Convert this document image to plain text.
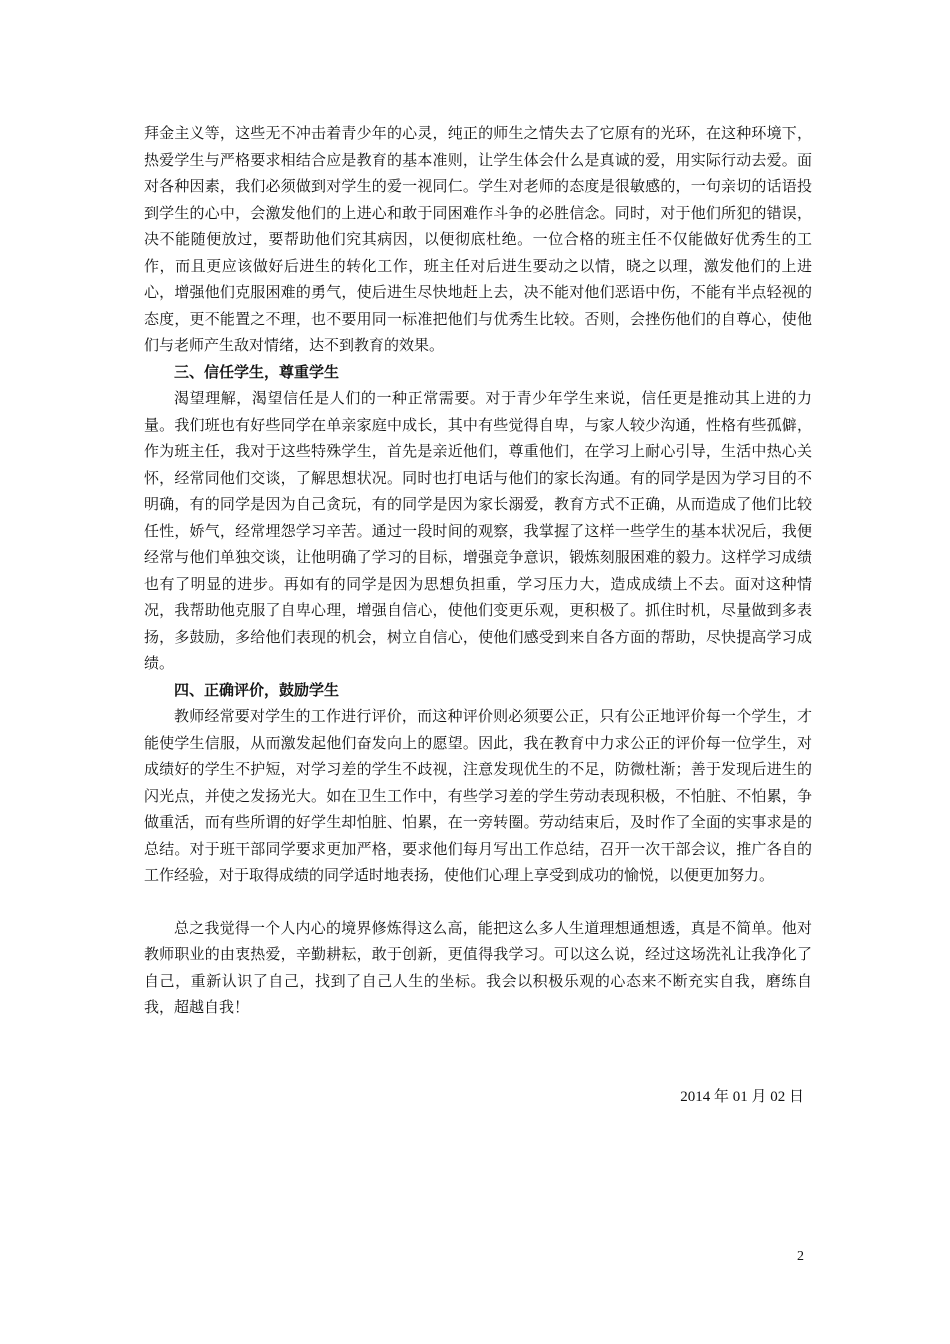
拜金主义等，这些无不冲击着青少年的心灵，纯正的师生之情失去了它原有的光环，在这种环境下，热爱学生与严格要求相结合应是教育的基本准则，让学生体会什么是真诚的爱，用实际行动去爱。面对各种因素，我们必须做到对学生的爱一视同仁。学生对老师的态度是很敏感的，一句亲切的话语投到学生的心中，会激发他们的上进心和敢于同困难作斗争的必胜信念。同时，对于他们所犯的错误，决不能随便放过，要帮助他们究其病因，以便彻底杜绝。一位合格的班主任不仅能做好优秀生的工作，而且更应该做好后进生的转化工作，班主任对后进生要动之以情，晓之以理，激发他们的上进心，增强他们克服困难的勇气，使后进生尽快地赶上去，决不能对他们恶语中伤，不能有半点轻视的态度，更不能置之不理，也不要用同一标准把他们与优秀生比较。否则，会挫伤他们的自尊心，使他们与老师产生敌对情绪，达不到教育的效果。

三、信任学生，尊重学生

渴望理解，渴望信任是人们的一种正常需要。对于青少年学生来说，信任更是推动其上进的力量。我们班也有好些同学在单亲家庭中成长，其中有些觉得自卑，与家人较少沟通，性格有些孤僻，作为班主任，我对于这些特殊学生，首先是亲近他们，尊重他们，在学习上耐心引导，生活中热心关怀，经常同他们交谈，了解思想状况。同时也打电话与他们的家长沟通。有的同学是因为学习目的不明确，有的同学是因为自己贪玩，有的同学是因为家长溺爱，教育方式不正确，从而造成了他们比较任性，娇气，经常埋怨学习辛苦。通过一段时间的观察，我掌握了这样一些学生的基本状况后，我便经常与他们单独交谈，让他明确了学习的目标，增强竞争意识，锻炼刻服困难的毅力。这样学习成绩也有了明显的进步。再如有的同学是因为思想负担重，学习压力大，造成成绩上不去。面对这种情况，我帮助他克服了自卑心理，增强自信心，使他们变更乐观，更积极了。抓住时机，尽量做到多表扬，多鼓励，多给他们表现的机会，树立自信心，使他们感受到来自各方面的帮助，尽快提高学习成绩。

四、正确评价，鼓励学生

教师经常要对学生的工作进行评价，而这种评价则必须要公正，只有公正地评价每一个学生，才能使学生信服，从而激发起他们奋发向上的愿望。因此，我在教育中力求公正的评价每一位学生，对成绩好的学生不护短，对学习差的学生不歧视，注意发现优生的不足，防微杜渐；善于发现后进生的闪光点，并使之发扬光大。如在卫生工作中，有些学习差的学生劳动表现积极，不怕脏、不怕累，争做重活，而有些所谓的好学生却怕脏、怕累，在一旁转圈。劳动结束后，及时作了全面的实事求是的总结。对于班干部同学要求更加严格，要求他们每月写出工作总结，召开一次干部会议，推广各自的工作经验，对于取得成绩的同学适时地表扬，使他们心理上享受到成功的愉悦，以便更加努力。

总之我觉得一个人内心的境界修炼得这么高，能把这么多人生道理想通想透，真是不简单。他对教师职业的由衷热爱，辛勤耕耘，敢于创新，更值得我学习。可以这么说，经过这场洗礼让我净化了自己，重新认识了自己，找到了自己人生的坐标。我会以积极乐观的心态来不断充实自我，磨练自我，超越自我！

2014 年 01 月 02 日
2
